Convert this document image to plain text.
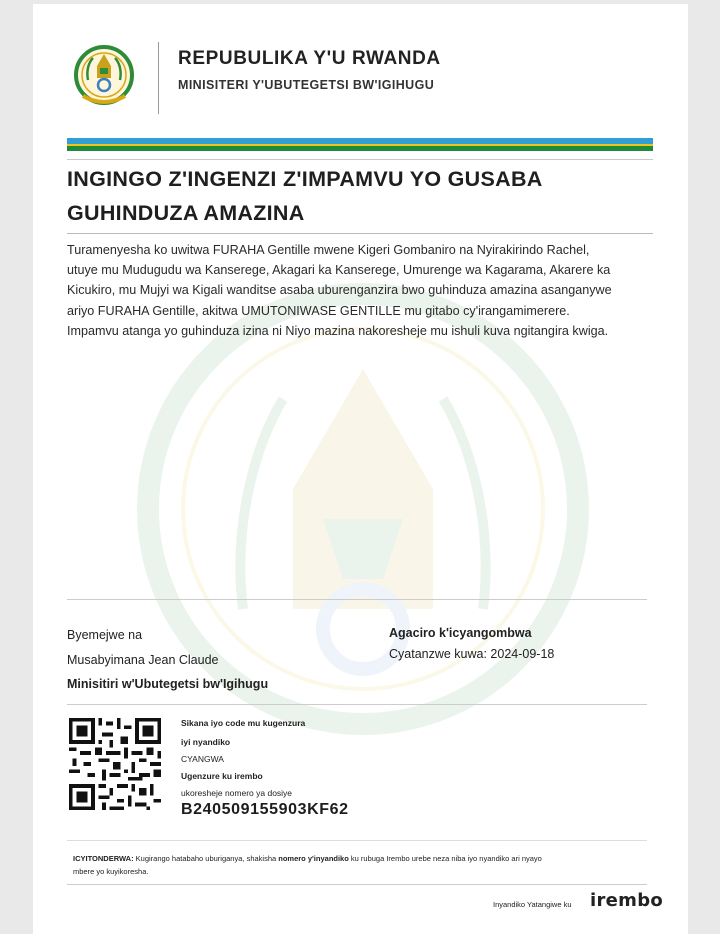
REPUBULIKA Y'U RWANDA
MINISITERI Y'UBUTEGETSI BW'IGIHUGU
INGINGO Z'INGENZI Z'IMPAMVU YO GUSABA
GUHINDUZA AMAZINA
Turamenyesha ko uwitwa FURAHA Gentille mwene Kigeri Gombaniro na Nyirakirindo Rachel,
utuye mu Mudugudu wa Kanserege, Akagari ka Kanserege, Umurenge wa Kagarama, Akarere ka
Kicukiro, mu Mujyi wa Kigali wanditse asaba uburenganzira bwo guhinduza amazina asanganywe
ariyo FURAHA Gentille, akitwa UMUTONIWASE GENTILLE mu gitabo cy'irangamimerere.
Impamvu atanga yo guhinduza izina ni Niyo mazina nakoresheje mu ishuli kuva ngitangira kwiga.
Byemejwe na
Musabyimana Jean Claude
Minisitiri w'Ubutegetsi bw'Igihugu
Agaciro k'icyangombwa
Cyatanzwe kuwa: 2024-09-18
Sikana iyo code mu kugenzura
iyi nyandiko
CYANGWA
Ugenzure ku irembo
ukoresheje nomero ya dosiye
B240509155903KF62
ICYITONDERWA: Kugirango hatabaho uburiganya, shakisha nomero y'inyandiko ku rubuga Irembo urebe neza niba iyo nyandiko ari nyayo
mbere yo kuyikoresha.
Inyandiko Yatangiwe ku irembo
